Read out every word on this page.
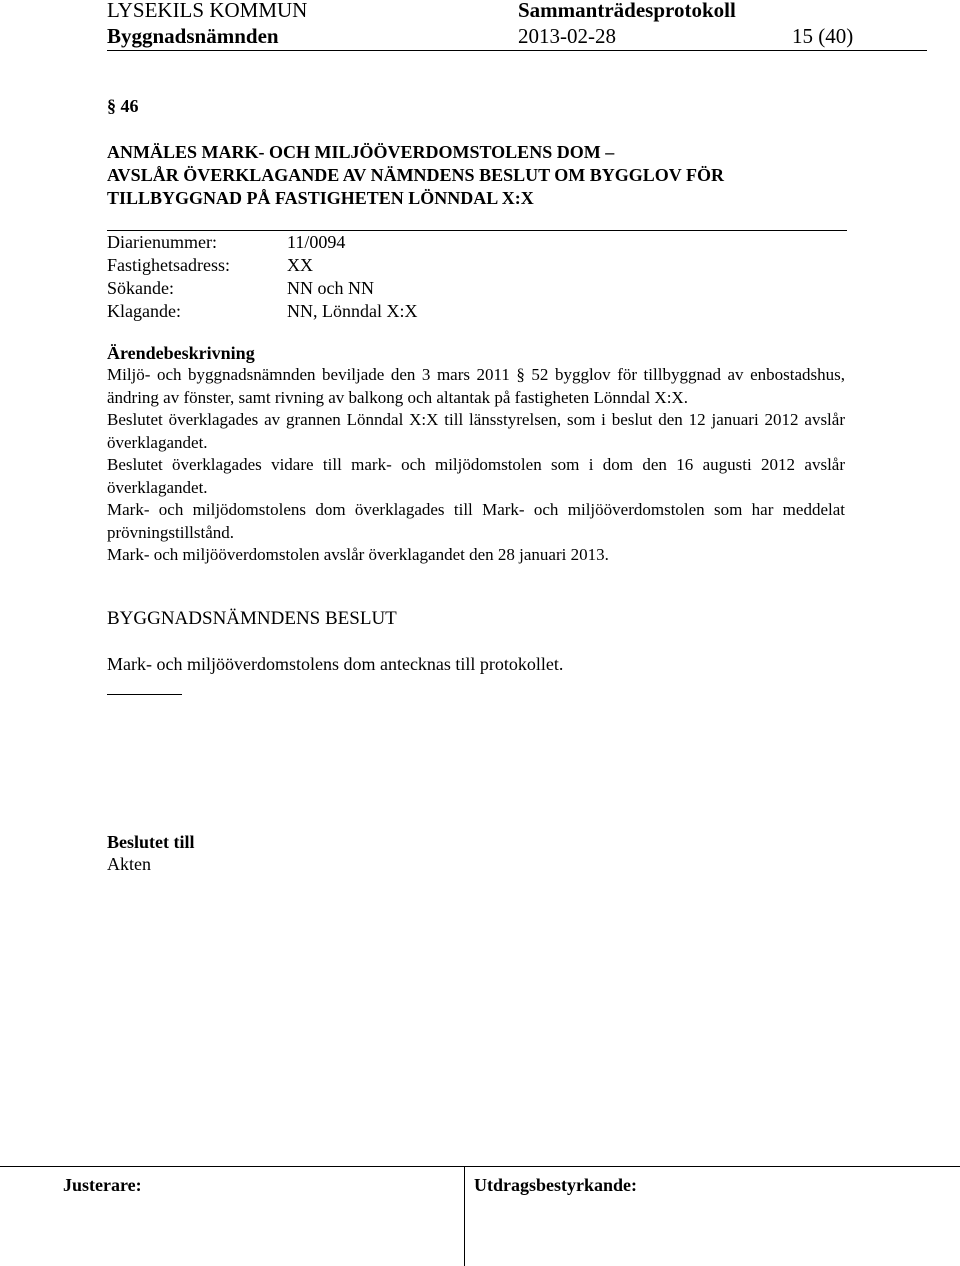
LYSEKILS KOMMUN	Sammanträdesprotokoll
Byggnadsnämnden	2013-02-28	15 (40)
§ 46
ANMÄLES MARK- OCH MILJÖÖVERDOMSTOLENS DOM –
AVSLÅR ÖVERKLAGANDE AV NÄMNDENS BESLUT OM BYGGLOV FÖR
TILLBYGGNAD PÅ FASTIGHETEN LÖNNDAL X:X
Diarienummer:	11/0094
Fastighetsadress:	XX
Sökande:	NN och NN
Klagande:	NN, Lönndal X:X
Ärendebeskrivning

Miljö- och byggnadsnämnden beviljade den 3 mars 2011 § 52 bygglov för tillbyggnad av enbostadshus, ändring av fönster, samt rivning av balkong och altantak på fastigheten Lönndal X:X.

Beslutet överklagades av grannen Lönndal X:X till länsstyrelsen, som i beslut den 12 januari 2012 avslår överklagandet.

Beslutet överklagades vidare till mark- och miljödomstolen som i dom den 16 augusti 2012 avslår överklagandet.

Mark- och miljödomstolens dom överklagades till Mark- och miljööverdomstolen som har meddelat prövningstillstånd.

Mark- och miljööverdomstolen avslår överklagandet den 28 januari 2013.

BYGGNADSNÄMNDENS BESLUT
Mark- och miljööverdomstolens dom antecknas till protokollet.
Beslutet till
Akten
Justerare:	Utdragsbestyrkande:
